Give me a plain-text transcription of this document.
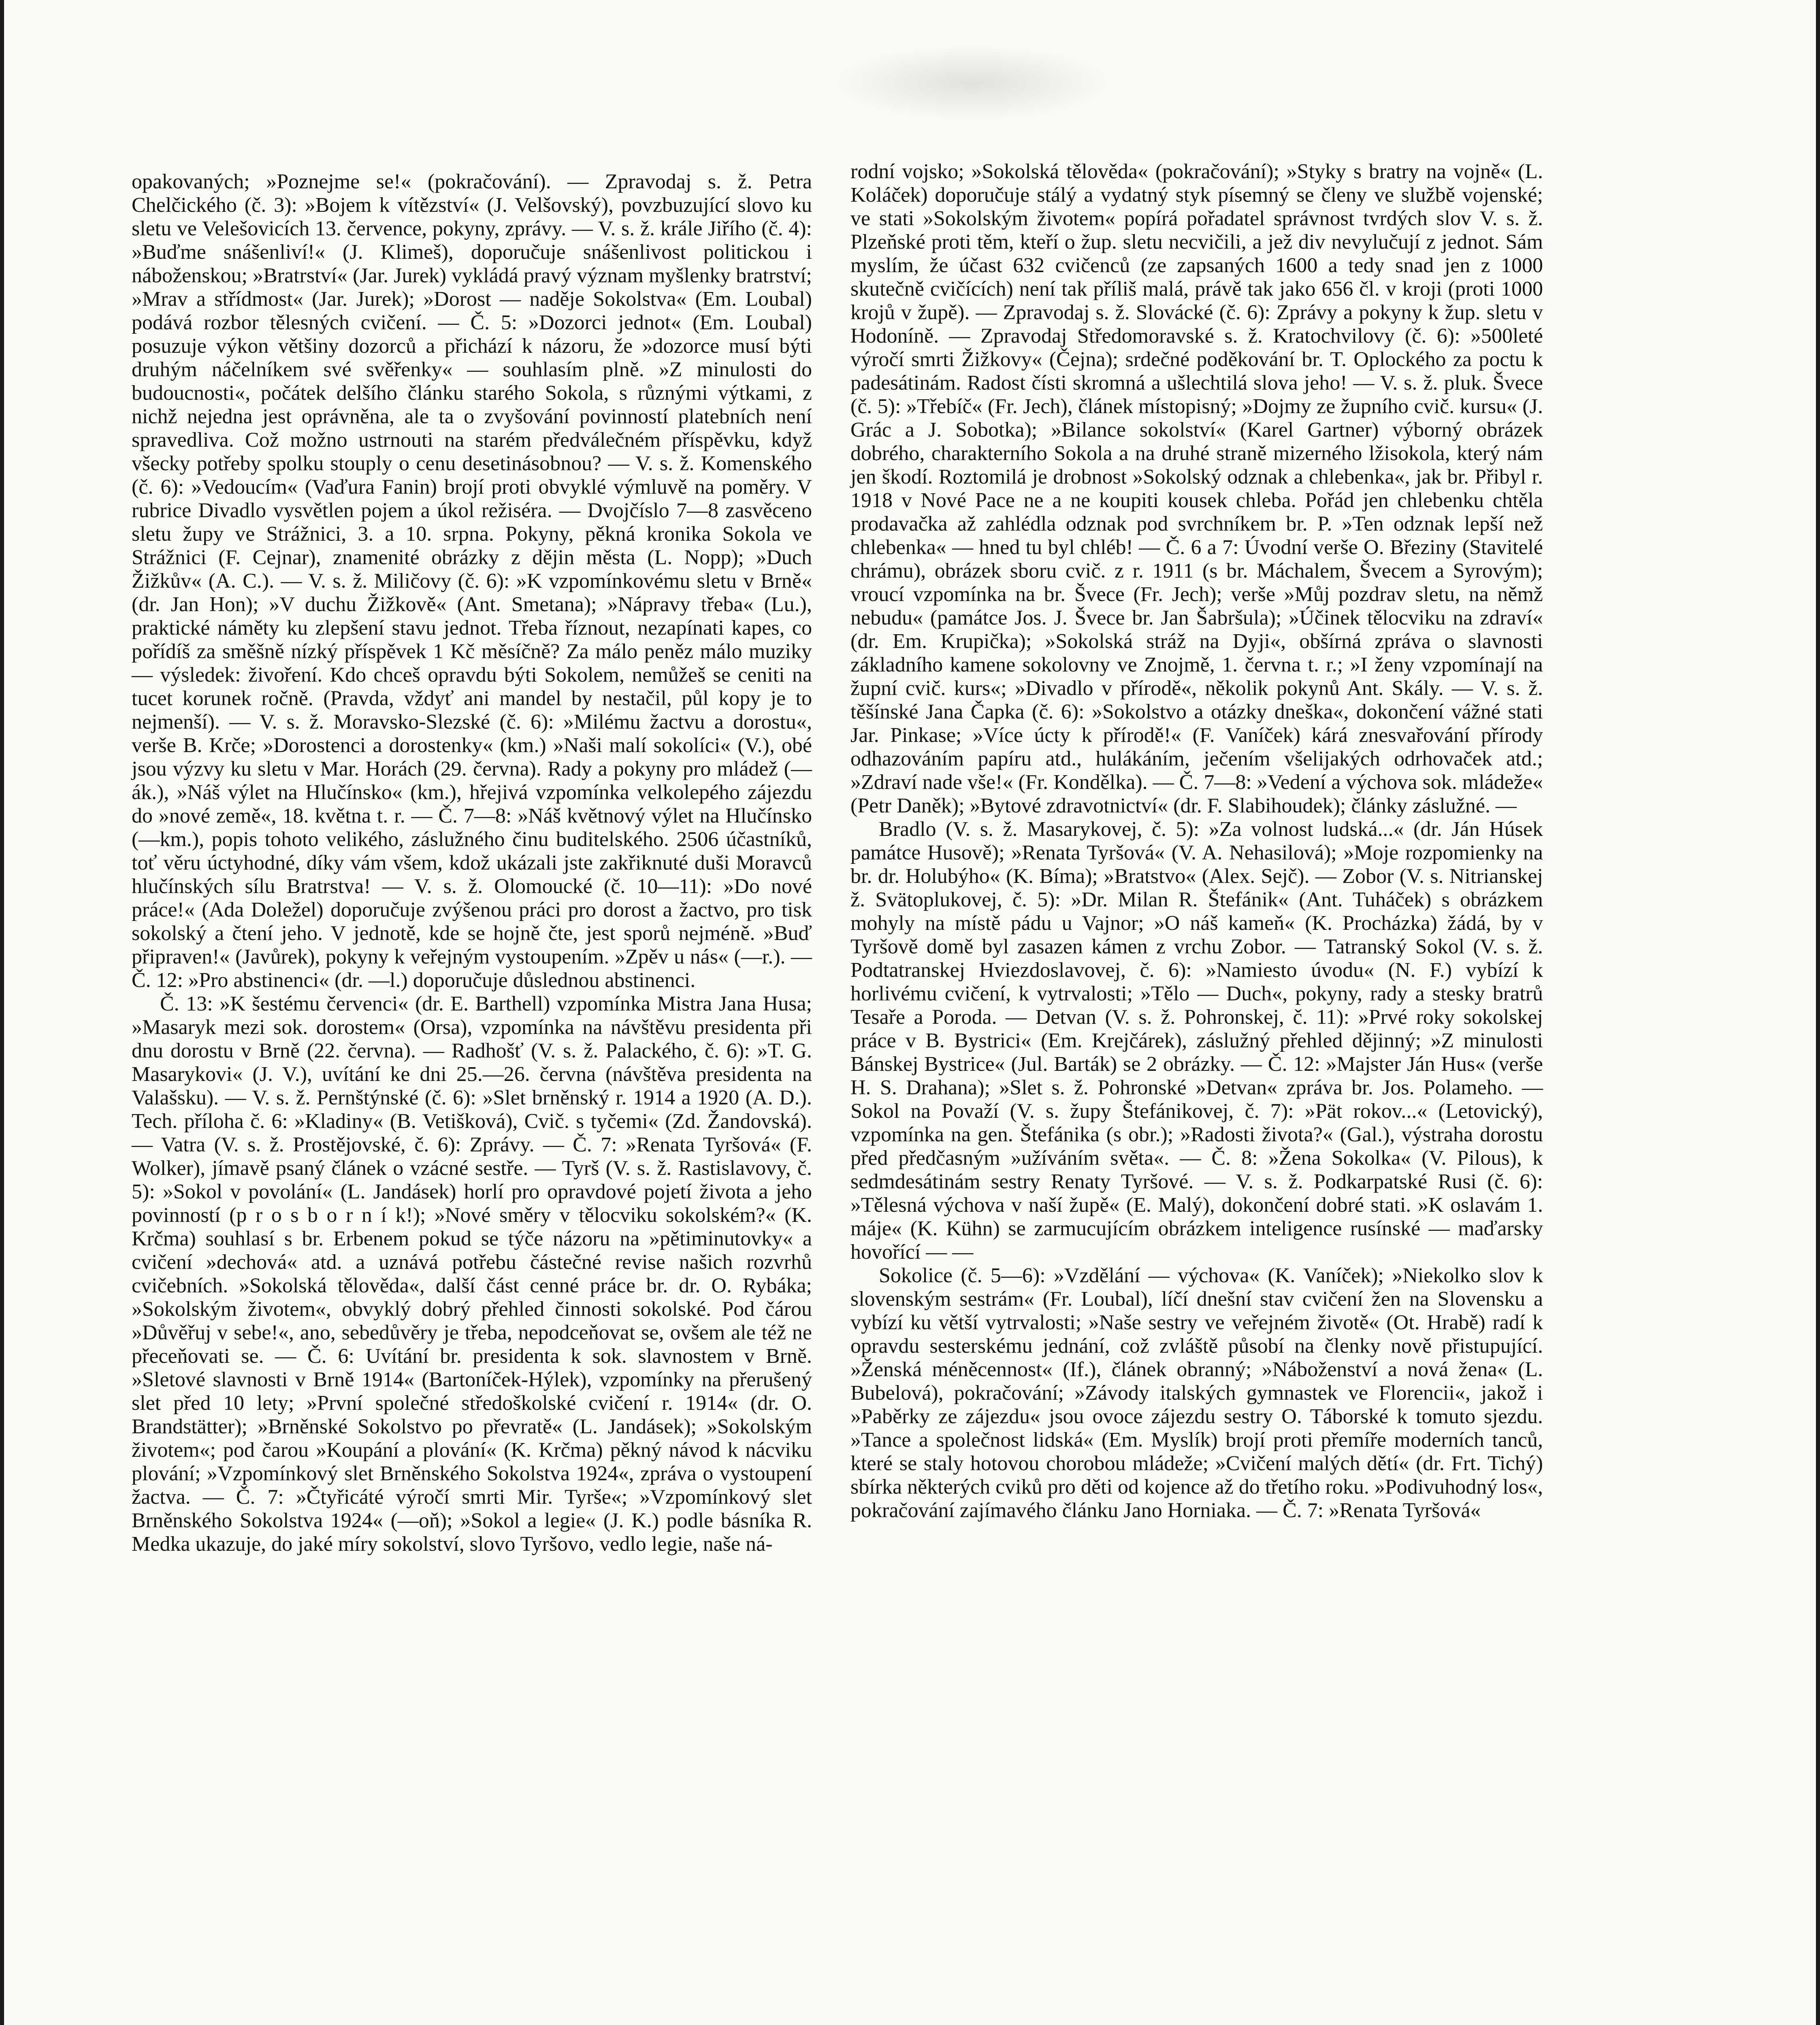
opakovaných; »Poznejme se!« (pokračování). — Zpravodaj s. ž. Petra Chelčického (č. 3): »Bojem k vítězství« (J. Velšovský), povzbuzující slovo ku sletu ve Velešovicích 13. července, pokyny, zprávy. — V. s. ž. krále Jiřího (č. 4): »Buďme snášenliví!« (J. Klimeš), doporučuje snášenlivost politickou i náboženskou; »Bratrství« (Jar. Jurek) vykládá pravý význam myšlenky bratrství; »Mrav a střídmost« (Jar. Jurek); »Dorost — naděje Sokolstva« (Em. Loubal) podává rozbor tělesných cvičení. — Č. 5: »Dozorci jednot« (Em. Loubal) posuzuje výkon většiny dozorců a přichází k názoru, že »dozorce musí býti druhým náčelníkem své svěřenky« — souhlasím plně. »Z minulosti do budoucnosti«, počátek delšího článku starého Sokola, s různými výtkami, z nichž nejedna jest oprávněna, ale ta o zvyšování povinností platebních není spravedliva. Což možno ustrnouti na starém předválečném příspěvku, když všecky potřeby spolku stouply o cenu desetinásobnou? — V. s. ž. Komenského (č. 6): »Vedoucím« (Vaďura Fanin) brojí proti obvyklé výmluvě na poměry. V rubrice Divadlo vysvětlen pojem a úkol režiséra. — Dvojčíslo 7—8 zasvěceno sletu župy ve Strážnici, 3. a 10. srpna. Pokyny, pěkná kronika Sokola ve Strážnici (F. Cejnar), znamenité obrázky z dějin města (L. Nopp); »Duch Žižkův« (A. C.). — V. s. ž. Miličovy (č. 6): »K vzpomínkovému sletu v Brně« (dr. Jan Hon); »V duchu Žižkově« (Ant. Smetana); »Nápravy třeba« (Lu.), praktické náměty ku zlepšení stavu jednot. Třeba říznout, nezapínati kapes, co pořídíš za směšně nízký příspěvek 1 Kč měsíčně? Za málo peněz málo muziky — výsledek: živoření. Kdo chceš opravdu býti Sokolem, nemůžeš se ceniti na tucet korunek ročně. (Pravda, vždyť ani mandel by nestačil, půl kopy je to nejmenší). — V. s. ž. Moravsko-Slezské (č. 6): »Milému žactvu a dorostu«, verše B. Krče; »Dorostenci a dorostenky« (km.) »Naši malí sokolíci« (V.), obé jsou výzvy ku sletu v Mar. Horách (29. června). Rady a pokyny pro mládež (—ák.), »Náš výlet na Hlučínsko« (km.), hřejivá vzpomínka velkolepého zájezdu do »nové země«, 18. května t. r. — Č. 7—8: »Náš květnový výlet na Hlučínsko (—km.), popis tohoto velikého, záslužného činu buditelského. 2506 účastníků, toť věru úctyhodné, díky vám všem, kdož ukázali jste zakřiknuté duši Moravců hlučínských sílu Bratrstva! — V. s. ž. Olomoucké (č. 10—11): »Do nové práce!« (Ada Doležel) doporučuje zvýšenou práci pro dorost a žactvo, pro tisk sokolský a čtení jeho. V jednotě, kde se hojně čte, jest sporů nejméně. »Buď připraven!« (Javůrek), pokyny k veřejným vystoupením. »Zpěv u nás« (—r.). — Č. 12: »Pro abstinenci« (dr. —l.) doporučuje důslednou abstinenci.

Č. 13: »K šestému červenci« (dr. E. Barthell) vzpomínka Mistra Jana Husa; »Masaryk mezi sok. dorostem« (Orsa), vzpomínka na návštěvu presidenta při dnu dorostu v Brně (22. června). — Radhošť (V. s. ž. Palackého, č. 6): »T. G. Masarykovi« (J. V.), uvítání ke dni 25.—26. června (návštěva presidenta na Valašsku). — V. s. ž. Pernštýnské (č. 6): »Slet brněnský r. 1914 a 1920 (A. D.). Tech. příloha č. 6: »Kladiny« (B. Vetišková), Cvič. s tyčemi« (Zd. Žandovská). — Vatra (V. s. ž. Prostějovské, č. 6): Zprávy. — Č. 7: »Renata Tyršová« (F. Wolker), jímavě psaný článek o vzácné sestře. — Tyrš (V. s. ž. Rastislavovy, č. 5): »Sokol v povolání« (L. Jandásek) horlí pro opravdové pojetí života a jeho povinností (p r o s b o r n í k!); »Nové směry v tělocviku sokolském?« (K. Krčma) souhlasí s br. Erbenem pokud se týče názoru na »pětiminutovky« a cvičení »dechová« atd. a uznává potřebu částečné revise našich rozvrhů cvičebních. »Sokolská tělověda«, další část cenné práce br. dr. O. Rybáka; »Sokolským životem«, obvyklý dobrý přehled činnosti sokolské. Pod čárou »Důvěřuj v sebe!«, ano, sebedůvěry je třeba, nepodceňovat se, ovšem ale též ne přeceňovati se. — Č. 6: Uvítání br. presidenta k sok. slavnostem v Brně. »Sletové slavnosti v Brně 1914« (Bartoníček-Hýlek), vzpomínky na přerušený slet před 10 lety; »První společné středoškolské cvičení r. 1914« (dr. O. Brandstätter); »Brněnské Sokolstvo po převratě« (L. Jandásek); »Sokolským životem«; pod čarou »Koupání a plování« (K. Krčma) pěkný návod k nácviku plování; »Vzpomínkový slet Brněnského Sokolstva 1924«, zpráva o vystoupení žactva. — Č. 7: »Čtyřicáté výročí smrti Mir. Tyrše«; »Vzpomínkový slet Brněnského Sokolstva 1924« (—oň); »Sokol a legie« (J. K.) podle básníka R. Medka ukazuje, do jaké míry sokolství, slovo Tyršovo, vedlo legie, naše ná-

rodní vojsko; »Sokolská tělověda« (pokračování); »Styky s bratry na vojně« (L. Koláček) doporučuje stálý a vydatný styk písemný se členy ve službě vojenské; ve stati »Sokolským životem« popírá pořadatel správnost tvrdých slov V. s. ž. Plzeňské proti těm, kteří o žup. sletu necvičili, a jež div nevylučují z jednot. Sám myslím, že účast 632 cvičenců (ze zapsaných 1600 a tedy snad jen z 1000 skutečně cvičících) není tak příliš malá, právě tak jako 656 čl. v kroji (proti 1000 krojů v župě). — Zpravodaj s. ž. Slovácké (č. 6): Zprávy a pokyny k žup. sletu v Hodoníně. — Zpravodaj Středomoravské s. ž. Kratochvilovy (č. 6): »500leté výročí smrti Žižkovy« (Čejna); srdečné poděkování br. T. Oplockého za poctu k padesátinám. Radost čísti skromná a ušlechtilá slova jeho! — V. s. ž. pluk. Švece (č. 5): »Třebíč« (Fr. Jech), článek místopisný; »Dojmy ze župního cvič. kursu« (J. Grác a J. Sobotka); »Bilance sokolství« (Karel Gartner) výborný obrázek dobrého, charakterního Sokola a na druhé straně mizerného lžisokola, který nám jen škodí. Roztomilá je drobnost »Sokolský odznak a chlebenka«, jak br. Přibyl r. 1918 v Nové Pace ne a ne koupiti kousek chleba. Pořád jen chlebenku chtěla prodavačka až zahlédla odznak pod svrchníkem br. P. »Ten odznak lepší než chlebenka« — hned tu byl chléb! — Č. 6 a 7: Úvodní verše O. Březiny (Stavitelé chrámu), obrázek sboru cvič. z r. 1911 (s br. Máchalem, Švecem a Syrovým); vroucí vzpomínka na br. Švece (Fr. Jech); verše »Můj pozdrav sletu, na němž nebudu« (památce Jos. J. Švece br. Jan Šabršula); »Účinek tělocviku na zdraví« (dr. Em. Krupička); »Sokolská stráž na Dyji«, obšírná zpráva o slavnosti základního kamene sokolovny ve Znojmě, 1. června t. r.; »I ženy vzpomínají na župní cvič. kurs«; »Divadlo v přírodě«, několik pokynů Ant. Skály. — V. s. ž. těšínské Jana Čapka (č. 6): »Sokolstvo a otázky dneška«, dokončení vážné stati Jar. Pinkase; »Více úcty k přírodě!« (F. Vaníček) kárá znesvařování přírody odhazováním papíru atd., hulákáním, ječením všelijakých odrhovaček atd.; »Zdraví nade vše!« (Fr. Kondělka). — Č. 7—8: »Vedení a výchova sok. mládeže« (Petr Daněk); »Bytové zdravotnictví« (dr. F. Slabihoudek); články záslužné. —

Bradlo (V. s. ž. Masarykovej, č. 5): »Za volnost ludská...« (dr. Ján Húsek památce Husově); »Renata Tyršová« (V. A. Nehasilová); »Moje rozpomienky na br. dr. Holubýho« (K. Bíma); »Bratstvo« (Alex. Sejč). — Zobor (V. s. Nitrianskej ž. Svätoplukovej, č. 5): »Dr. Milan R. Štefánik« (Ant. Tuháček) s obrázkem mohyly na místě pádu u Vajnor; »O náš kameň« (K. Procházka) žádá, by v Tyršově domě byl zasazen kámen z vrchu Zobor. — Tatranský Sokol (V. s. ž. Podtatranskej Hviezdoslavovej, č. 6): »Namiesto úvodu« (N. F.) vybízí k horlivému cvičení, k vytrvalosti; »Tělo — Duch«, pokyny, rady a stesky bratrů Tesaře a Poroda. — Detvan (V. s. ž. Pohronskej, č. 11): »Prvé roky sokolskej práce v B. Bystrici« (Em. Krejčárek), záslužný přehled dějinný; »Z minulosti Bánskej Bystrice« (Jul. Barták) se 2 obrázky. — Č. 12: »Majster Ján Hus« (verše H. S. Drahana); »Slet s. ž. Pohronské »Detvan« zpráva br. Jos. Polameho. — Sokol na Považí (V. s. župy Štefánikovej, č. 7): »Pät rokov...« (Letovický), vzpomínka na gen. Štefánika (s obr.); »Radosti života?« (Gal.), výstraha dorostu před předčasným »užíváním světa«. — Č. 8: »Žena Sokolka« (V. Pilous), k sedmdesátinám sestry Renaty Tyršové. — V. s. ž. Podkarpatské Rusi (č. 6): »Tělesná výchova v naší župě« (E. Malý), dokončení dobré stati. »K oslavám 1. máje« (K. Kühn) se zarmucujícím obrázkem inteligence rusínské — maďarsky hovořící — —

Sokolice (č. 5—6): »Vzdělání — výchova« (K. Vaníček); »Niekolko slov k slovenským sestrám« (Fr. Loubal), líčí dnešní stav cvičení žen na Slovensku a vybízí ku větší vytrvalosti; »Naše sestry ve veřejném životě« (Ot. Hrabě) radí k opravdu sesterskému jednání, což zvláště působí na členky nově přistupující. »Ženská méněcennost« (If.), článek obranný; »Náboženství a nová žena« (L. Bubelová), pokračování; »Závody italských gymnastek ve Florencii«, jakož i »Paběrky ze zájezdu« jsou ovoce zájezdu sestry O. Táborské k tomuto sjezdu. »Tance a společnost lidská« (Em. Myslík) brojí proti přemíře moderních tanců, které se staly hotovou chorobou mládeže; »Cvičení malých dětí« (dr. Frt. Tichý) sbírka některých cviků pro děti od kojence až do třetího roku. »Podivuhodný los«, pokračování zajímavého článku Jano Horniaka. — Č. 7: »Renata Tyršová«
